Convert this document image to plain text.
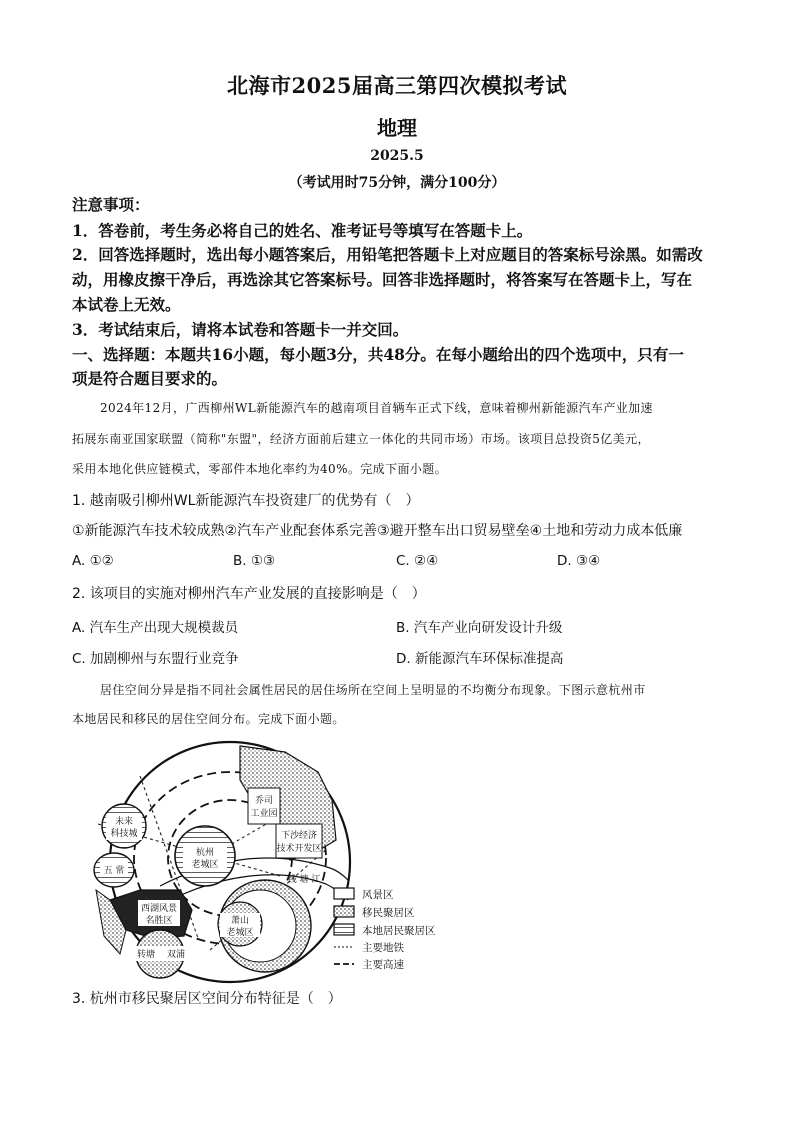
北海市2025届高三第四次模拟考试
地理
2025.5
（考试用时75分钟，满分100分）
注意事项：
1．答卷前，考生务必将自己的姓名、准考证号等填写在答题卡上。
2．回答选择题时，选出每小题答案后，用铅笔把答题卡上对应题目的答案标号涂黑。如需改
动，用橡皮擦干净后，再选涂其它答案标号。回答非选择题时，将答案写在答题卡上，写在
本试卷上无效。
3．考试结束后，请将本试卷和答题卡一并交回。
一、选择题：本题共16小题，每小题3分，共48分。在每小题给出的四个选项中，只有一
项是符合题目要求的。
2024年12月，广西柳州WL新能源汽车的越南项目首辆车正式下线，意味着柳州新能源汽车产业加速
拓展东南亚国家联盟（简称"东盟"，经济方面前后建立一体化的共同市场）市场。该项目总投资5亿美元，
采用本地化供应链模式，零部件本地化率约为40%。完成下面小题。
1. 越南吸引柳州WL新能源汽车投资建厂的优势有（　）
①新能源汽车技术较成熟②汽车产业配套体系完善③避开整车出口贸易壁垒④土地和劳动力成本低廉
A. ①②	B. ①③	C. ②④	D. ③④
2. 该项目的实施对柳州汽车产业发展的直接影响是（　）
A. 汽车生产出现大规模裁员	B. 汽车产业向研发设计升级
C. 加剧柳州与东盟行业竞争	D. 新能源汽车环保标准提高
居住空间分异是指不同社会属性居民的居住场所在空间上呈明显的不均衡分布现象。下图示意杭州市
本地居民和移民的居住空间分布。完成下面小题。
未来
科技城
五 常
杭州
老城区
乔司
工业园
下沙经济
技术开发区
钱 塘 江
西湖风景
名胜区	萧山
老城区
转塘 双浦
风景区
移民聚居区
本地居民聚居区
主要地铁
主要高速
3. 杭州市移民聚居区空间分布特征是（　）
